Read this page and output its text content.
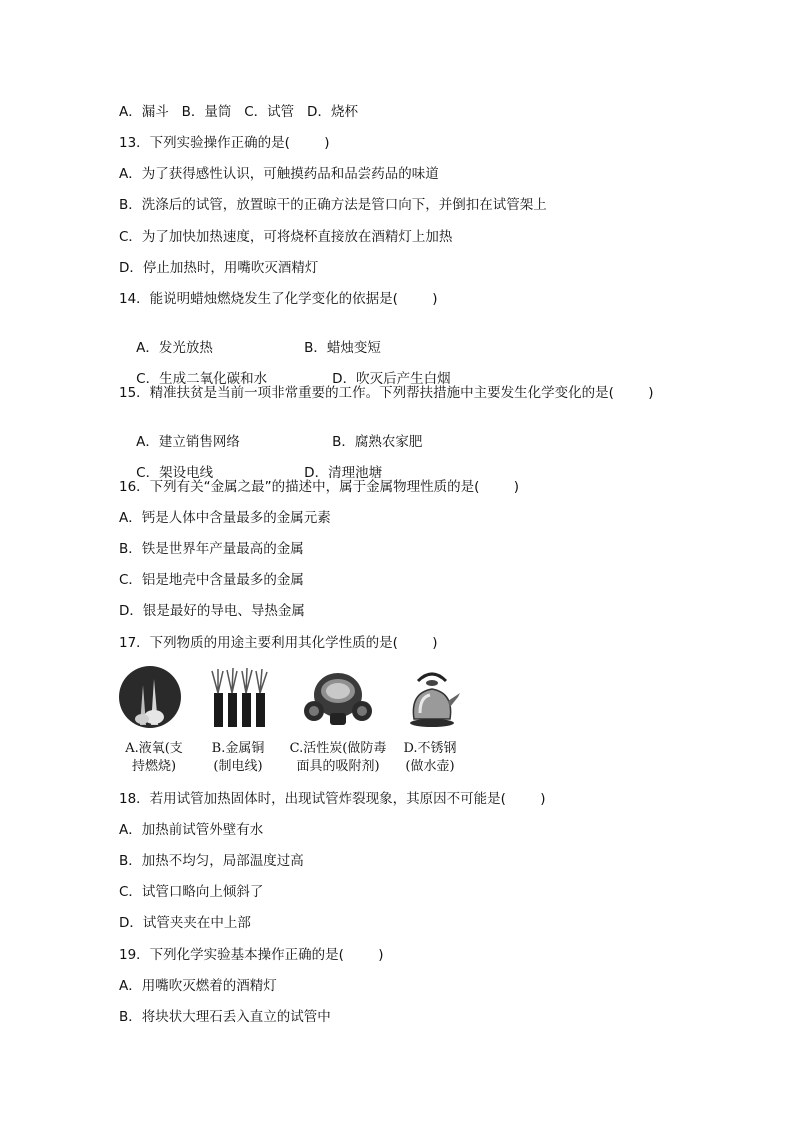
A．漏斗   B．量筒   C．试管   D．烧杯
13．下列实验操作正确的是(        )
A．为了获得感性认识，可触摸药品和品尝药品的味道
B．洗涤后的试管，放置晾干的正确方法是管口向下，并倒扣在试管架上
C．为了加快加热速度，可将烧杯直接放在酒精灯上加热
D．停止加热时，用嘴吹灭酒精灯
14．能说明蜡烛燃烧发生了化学变化的依据是(        )

A．发光放热	B．蜡烛变短

C．生成二氧化碳和水	D．吹灭后产生白烟

15．精准扶贫是当前一项非常重要的工作。下列帮扶措施中主要发生化学变化的是(        )

A．建立销售网络	B．腐熟农家肥

C．架设电线	D．清理池塘

16．下列有关“金属之最”的描述中，属于金属物理性质的是(        )
A．钙是人体中含量最多的金属元素
B．铁是世界年产量最高的金属
C．铝是地壳中含量最多的金属
D．银是最好的导电、导热金属
17．下列物质的用途主要利用其化学性质的是(        )
A.液氧(支
持燃烧)
B.金属铜
(制电线)
C.活性炭(做防毒
面具的吸附剂)
D.不锈钢
(做水壶)
18．若用试管加热固体时，出现试管炸裂现象，其原因不可能是(        )
A．加热前试管外壁有水
B．加热不均匀，局部温度过高
C．试管口略向上倾斜了
D．试管夹夹在中上部
19．下列化学实验基本操作正确的是(        )
A．用嘴吹灭燃着的酒精灯
B．将块状大理石丢入直立的试管中
